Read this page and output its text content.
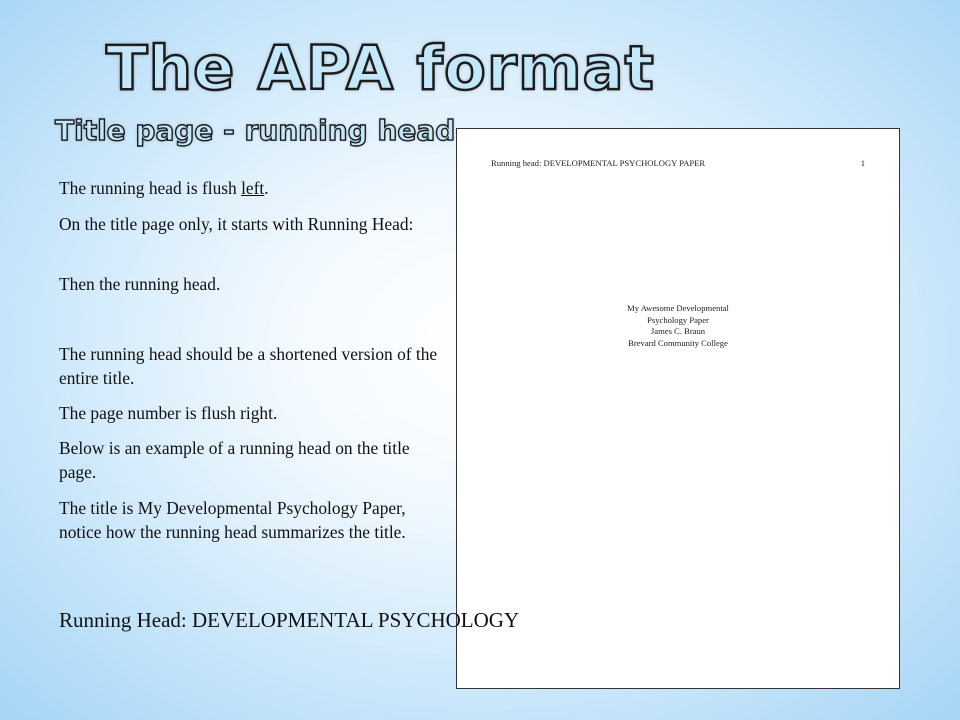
The APA format
Title page - running head

The running head is flush left.

On the title page only, it starts with Running Head:

Then the running head.

The running head should be a shortened version of the entire title.

The page number is flush right.

Below is an example of a running head on the title page.

The title is My Developmental Psychology Paper, notice how the running head summarizes the title.

Running Head: DEVELOPMENTAL PSYCHOLOGY

Running head: DEVELOPMENTAL PSYCHOLOGY PAPER	1

My Awesome Developmental
Psychology Paper
James C. Braun
Brevard Community College
